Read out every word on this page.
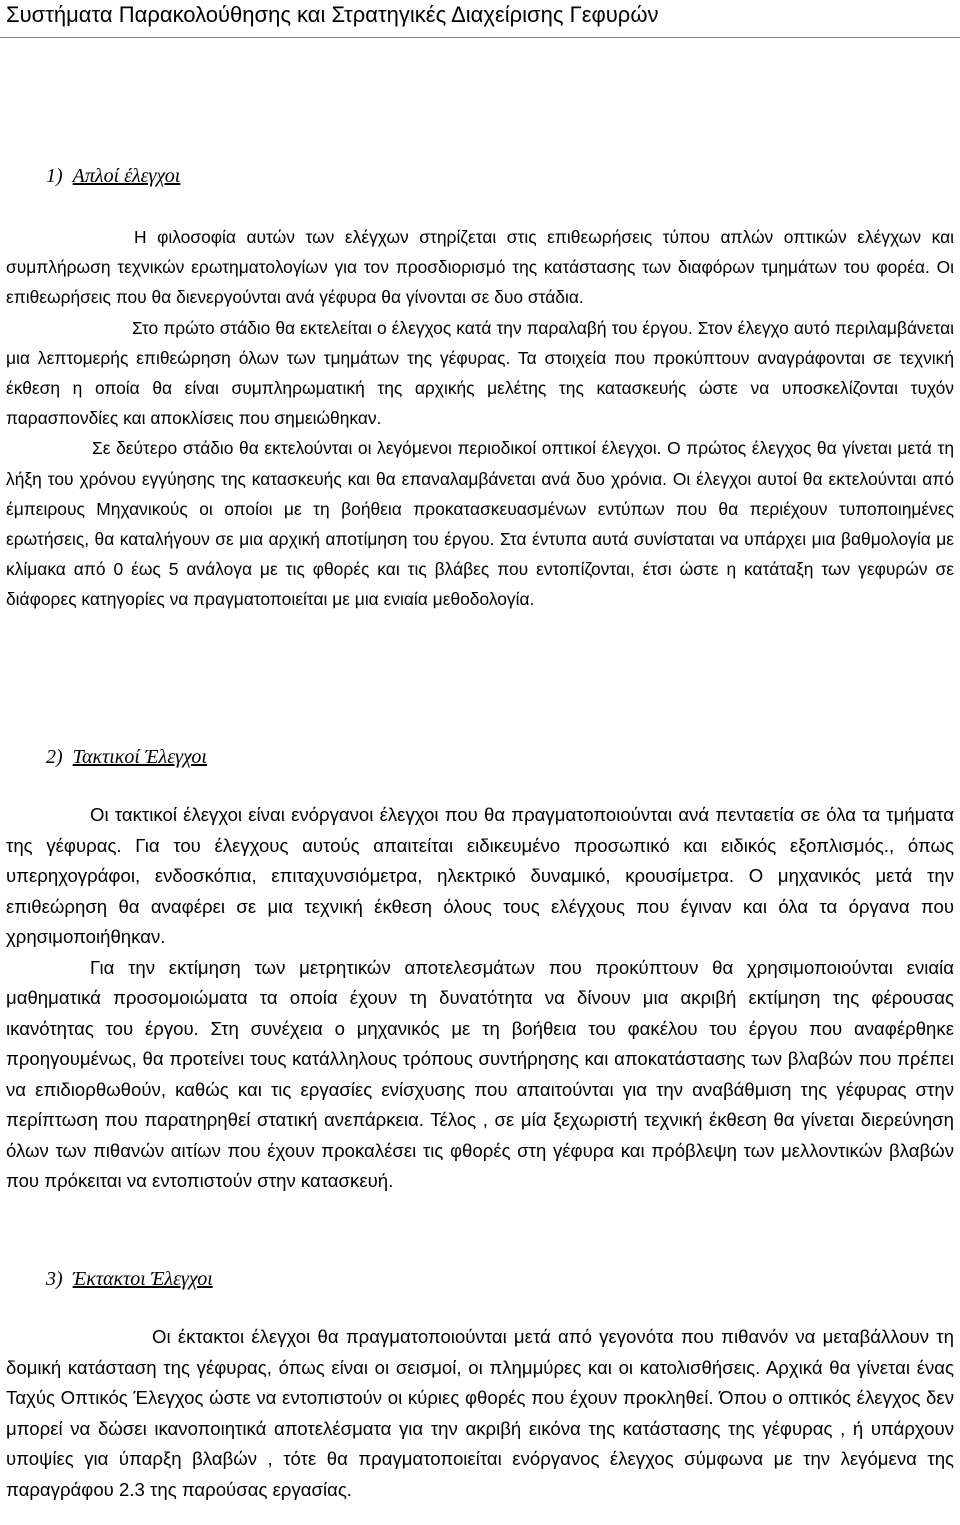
Συστήματα Παρακολούθησης και Στρατηγικές Διαχείρισης Γεφυρών
1) Απλοί έλεγχοι

Η φιλοσοφία αυτών των ελέγχων στηρίζεται στις επιθεωρήσεις τύπου απλών οπτικών ελέγχων και συμπλήρωση τεχνικών ερωτηματολογίων για τον προσδιορισμό της κατάστασης των διαφόρων τμημάτων του φορέα. Οι επιθεωρήσεις που θα διενεργούνται ανά γέφυρα θα γίνονται σε δυο στάδια.

Στο πρώτο στάδιο θα εκτελείται ο έλεγχος κατά την παραλαβή του έργου. Στον έλεγχο αυτό περιλαμβάνεται μια λεπτομερής επιθεώρηση όλων των τμημάτων της γέφυρας. Τα στοιχεία που προκύπτουν αναγράφονται σε τεχνική έκθεση η οποία θα είναι συμπληρωματική της αρχικής μελέτης της κατασκευής ώστε να υποσκελίζονται τυχόν παρασπονδίες και αποκλίσεις που σημειώθηκαν.

Σε δεύτερο στάδιο θα εκτελούνται οι λεγόμενοι περιοδικοί οπτικοί έλεγχοι. Ο πρώτος έλεγχος θα γίνεται μετά τη λήξη του χρόνου εγγύησης της κατασκευής και θα επαναλαμβάνεται ανά δυο χρόνια. Οι έλεγχοι αυτοί θα εκτελούνται από έμπειρους Μηχανικούς οι οποίοι με τη βοήθεια προκατασκευασμένων εντύπων που θα περιέχουν τυποποιημένες ερωτήσεις, θα καταλήγουν σε μια αρχική αποτίμηση του έργου. Στα έντυπα αυτά συνίσταται να υπάρχει μια βαθμολογία με κλίμακα από 0 έως 5 ανάλογα με τις φθορές και τις βλάβες που εντοπίζονται, έτσι ώστε η κατάταξη των γεφυρών σε διάφορες κατηγορίες να πραγματοποιείται με μια ενιαία μεθοδολογία.

2) Τακτικοί Έλεγχοι

Οι τακτικοί έλεγχοι είναι ενόργανοι έλεγχοι που θα πραγματοποιούνται ανά πενταετία σε όλα τα τμήματα της γέφυρας. Για του έλεγχους αυτούς απαιτείται ειδικευμένο προσωπικό και ειδικός εξοπλισμός., όπως υπερηχογράφοι, ενδοσκόπια, επιταχυνσιόμετρα, ηλεκτρικό δυναμικό, κρουσίμετρα. Ο μηχανικός μετά την επιθεώρηση θα αναφέρει σε μια τεχνική έκθεση όλους τους ελέγχους που έγιναν και όλα τα όργανα που χρησιμοποιήθηκαν.

Για την εκτίμηση των μετρητικών αποτελεσμάτων που προκύπτουν θα χρησιμοποιούνται ενιαία μαθηματικά προσομοιώματα τα οποία έχουν τη δυνατότητα να δίνουν μια ακριβή εκτίμηση της φέρουσας ικανότητας του έργου. Στη συνέχεια ο μηχανικός με τη βοήθεια του φακέλου του έργου που αναφέρθηκε προηγουμένως, θα προτείνει τους κατάλληλους τρόπους συντήρησης και αποκατάστασης των βλαβών που πρέπει να επιδιορθωθούν, καθώς και τις εργασίες ενίσχυσης που απαιτούνται για την αναβάθμιση της γέφυρας στην περίπτωση που παρατηρηθεί στατική ανεπάρκεια. Τέλος , σε μία ξεχωριστή τεχνική έκθεση θα γίνεται διερεύνηση όλων των πιθανών αιτίων που έχουν προκαλέσει τις φθορές στη γέφυρα και πρόβλεψη των μελλοντικών βλαβών που πρόκειται να εντοπιστούν στην κατασκευή.

3) Έκτακτοι Έλεγχοι

Οι έκτακτοι έλεγχοι θα πραγματοποιούνται μετά από γεγονότα που πιθανόν να μεταβάλλουν τη δομική κατάσταση της γέφυρας, όπως είναι οι σεισμοί, οι πλημμύρες και οι κατολισθήσεις. Αρχικά θα γίνεται ένας Ταχύς Οπτικός Έλεγχος ώστε να εντοπιστούν οι κύριες φθορές που έχουν προκληθεί. Όπου ο οπτικός έλεγχος δεν μπορεί να δώσει ικανοποιητικά αποτελέσματα για την ακριβή εικόνα της κατάστασης της γέφυρας , ή υπάρχουν υποψίες για ύπαρξη βλαβών , τότε θα πραγματοποιείται ενόργανος έλεγχος σύμφωνα με την λεγόμενα της παραγράφου 2.3 της παρούσας εργασίας.
